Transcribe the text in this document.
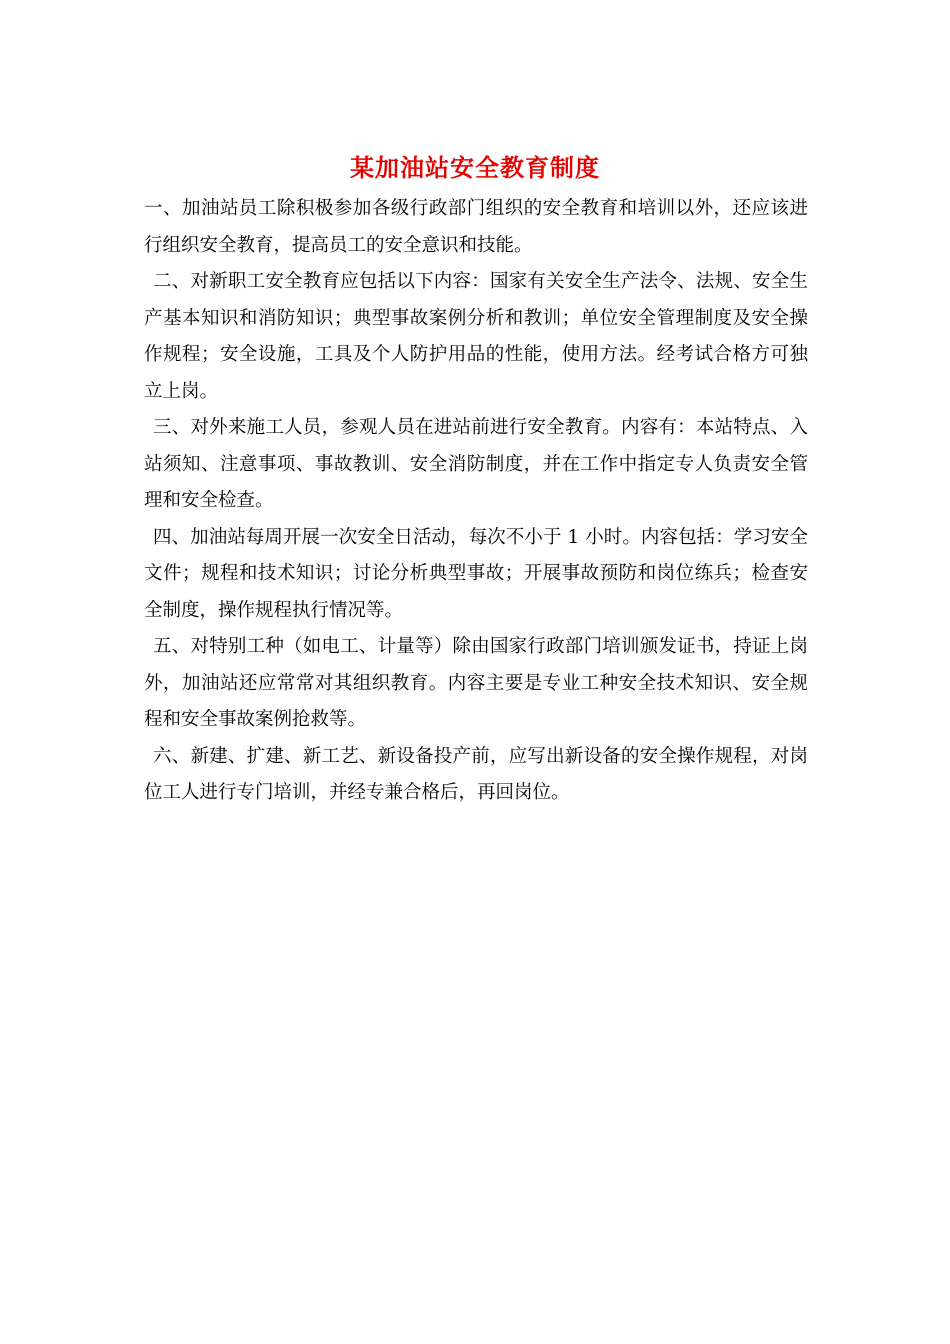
某加油站安全教育制度

一、加油站员工除积极参加各级行政部门组织的安全教育和培训以外，还应该进行组织安全教育，提高员工的安全意识和技能。

二、对新职工安全教育应包括以下内容：国家有关安全生产法令、法规、安全生产基本知识和消防知识；典型事故案例分析和教训；单位安全管理制度及安全操作规程；安全设施，工具及个人防护用品的性能，使用方法。经考试合格方可独立上岗。

三、对外来施工人员，参观人员在进站前进行安全教育。内容有：本站特点、入站须知、注意事项、事故教训、安全消防制度，并在工作中指定专人负责安全管理和安全检查。

四、加油站每周开展一次安全日活动，每次不小于 1 小时。内容包括：学习安全文件；规程和技术知识；讨论分析典型事故；开展事故预防和岗位练兵；检查安全制度，操作规程执行情况等。

五、对特别工种（如电工、计量等）除由国家行政部门培训颁发证书，持证上岗外，加油站还应常常对其组织教育。内容主要是专业工种安全技术知识、安全规程和安全事故案例抢救等。

六、新建、扩建、新工艺、新设备投产前，应写出新设备的安全操作规程，对岗位工人进行专门培训，并经专兼合格后，再回岗位。
